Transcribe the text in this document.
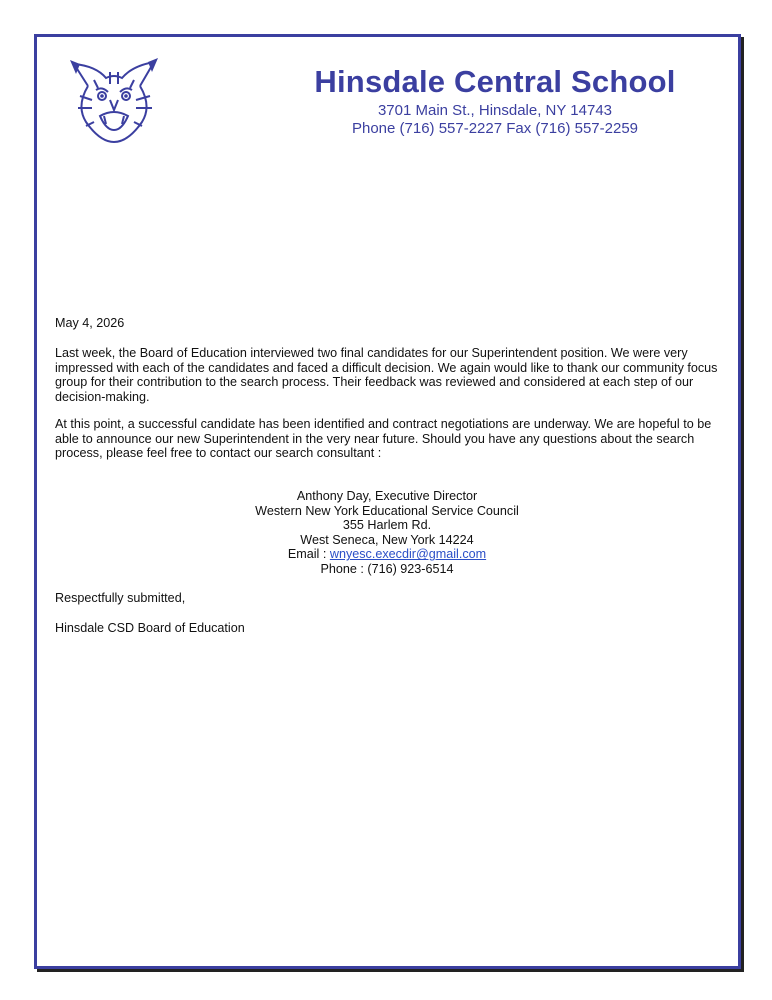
Hinsdale Central School
3701 Main St., Hinsdale, NY 14743
Phone (716) 557-2227 Fax (716) 557-2259
May 4, 2026
Last week, the Board of Education interviewed two final candidates for our Superintendent position. We were very impressed with each of the candidates and faced a difficult decision. We again would like to thank our community focus group for their contribution to the search process. Their feedback was reviewed and considered at each step of our decision-making.
At this point, a successful candidate has been identified and contract negotiations are underway. We are hopeful to be able to announce our new Superintendent in the very near future. Should you have any questions about the search process, please feel free to contact our search consultant :
Anthony Day, Executive Director
Western New York Educational Service Council
355 Harlem Rd.
West Seneca, New York 14224
Email : wnyesc.execdir@gmail.com
Phone : (716) 923-6514
Respectfully submitted,
Hinsdale CSD Board of Education
